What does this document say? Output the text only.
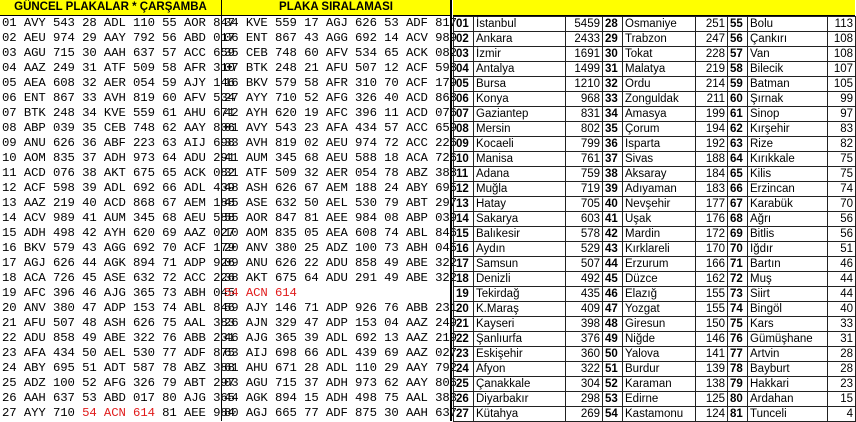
GÜNCEL PLAKALAR * ÇARŞAMBA
01 AVY 543 28 ADL 110 55 AOR 847
02 AEU 974 29 AAY 792 56 ABD 017
03 AGU 715 30 AAH 637 57 ACC 659
04 AAZ 249 31 ATF 509 58 AFR 310
05 AEA 608 32 AER 054 59 AJY 146
06 ENT 867 33 AVH 819 60 AFV 534
07 BTK 248 34 KVE 559 61 AHU 671
08 ABP 039 35 CEB 748 62 AAY 806
09 ANU 626 36 ABF 223 63 AIJ 698
10 AOM 835 37 ADH 973 64 ADU 291
11 ACD 076 38 AKT 675 65 ACK 082
12 ACF 598 39 ADL 692 66 ADL 439
13 AAZ 219 40 ACD 868 67 AEM 188
14 ACV 989 41 AUM 345 68 AEU 588
15 ADH 498 42 AYH 620 69 AAZ 027
16 BKV 579 43 AGG 692 70 ACF 179
17 AGJ 626 44 AGK 894 71 ADP 926
18 ACA 726 45 ASE 632 72 ACC 226
19 AFC 396 46 AJG 365 73 ABH 045
20 ANV 380 47 ADP 153 74 ABL 846
21 AFU 507 48 ASH 626 75 AAL 383
22 ADU 858 49 ABE 322 76 ABB 231
23 AFA 434 50 AEL 530 77 ADF 875
24 ABY 695 51 ADT 587 78 ABZ 388
25 ADZ 100 52 AFG 326 79 ABT 297
26 AAH 637 53 ABD 017 80 AJG 365
27 AYY 710 54 ACN 614 81 AEE 984
PLAKA SIRALAMASI
34 KVE 559 17 AGJ 626 53 ADF 817
06 ENT 867 43 AGG 692 14 ACV 989
35 CEB 748 60 AFV 534 65 ACK 082
07 BTK 248 21 AFU 507 12 ACF 598
16 BKV 579 58 AFR 310 70 ACF 179
27 AYY 710 52 AFG 326 40 ACD 868
42 AYH 620 19 AFC 396 11 ACD 076
01 AVY 543 23 AFA 434 57 ACC 659
33 AVH 819 02 AEU 974 72 ACC 226
41 AUM 345 68 AEU 588 18 ACA 726
31 ATF 509 32 AER 054 78 ABZ 388
48 ASH 626 67 AEM 188 24 ABY 695
45 ASE 632 50 AEL 530 79 ABT 297
55 AOR 847 81 AEE 984 08 ABP 039
10 AOM 835 05 AEA 608 74 ABL 846
20 ANV 380 25 ADZ 100 73 ABH 045
09 ANU 626 22 ADU 858 49 ABE 322
38 AKT 675 64 ADU 291 49 ABE 322
54 ACN 614
59 AJY 146 71 ADP 926 76 ABB 231
26 AJN 329 47 ADP 153 04 AAZ 249
46 AJG 365 39 ADL 692 13 AAZ 219
63 AIJ 698 66 ADL 439 69 AAZ 027
61 AHU 671 28 ADL 110 29 AAY 792
03 AGU 715 37 ADH 973 62 AAY 806
44 AGK 894 15 ADH 498 75 AAL 383
80 AGJ 665 77 ADF 875 30 AAH 637
01	İstanbul	5459	28	Osmaniye	251	55	Bolu	113
02	Ankara	2433	29	Trabzon	247	56	Çankırı	108
03	İzmir	1691	30	Tokat	228	57	Van	108
04	Antalya	1499	31	Malatya	219	58	Bilecik	107
05	Bursa	1210	32	Ordu	214	59	Batman	105
06	Konya	968	33	Zonguldak	211	60	Şırnak	99
07	Gaziantep	831	34	Amasya	199	61	Sinop	97
08	Mersin	802	35	Çorum	194	62	Kırşehir	83
09	Kocaeli	799	36	Isparta	192	63	Rize	82
10	Manisa	761	37	Sivas	188	64	Kırıkkale	75
11	Adana	759	38	Aksaray	184	65	Kilis	75
12	Muğla	719	39	Adıyaman	183	66	Erzincan	74
13	Hatay	705	40	Nevşehir	177	67	Karabük	70
14	Sakarya	603	41	Uşak	176	68	Ağrı	56
15	Balıkesir	578	42	Mardin	172	69	Bitlis	56
16	Aydın	529	43	Kırklareli	170	70	Iğdır	51
17	Samsun	507	44	Erzurum	166	71	Bartın	46
18	Denizli	492	45	Düzce	162	72	Muş	44
19	Tekirdağ	435	46	Elazığ	155	73	Siirt	44
20	K.Maraş	409	47	Yozgat	155	74	Bingöl	40
21	Kayseri	398	48	Giresun	150	75	Kars	33
22	Şanlıurfa	376	49	Niğde	146	76	Gümüşhane	31
23	Eskişehir	360	50	Yalova	141	77	Artvin	28
24	Afyon	322	51	Burdur	139	78	Bayburt	28
25	Çanakkale	304	52	Karaman	138	79	Hakkari	23
26	Diyarbakır	298	53	Edirne	125	80	Ardahan	15
27	Kütahya	269	54	Kastamonu	124	81	Tunceli	4
